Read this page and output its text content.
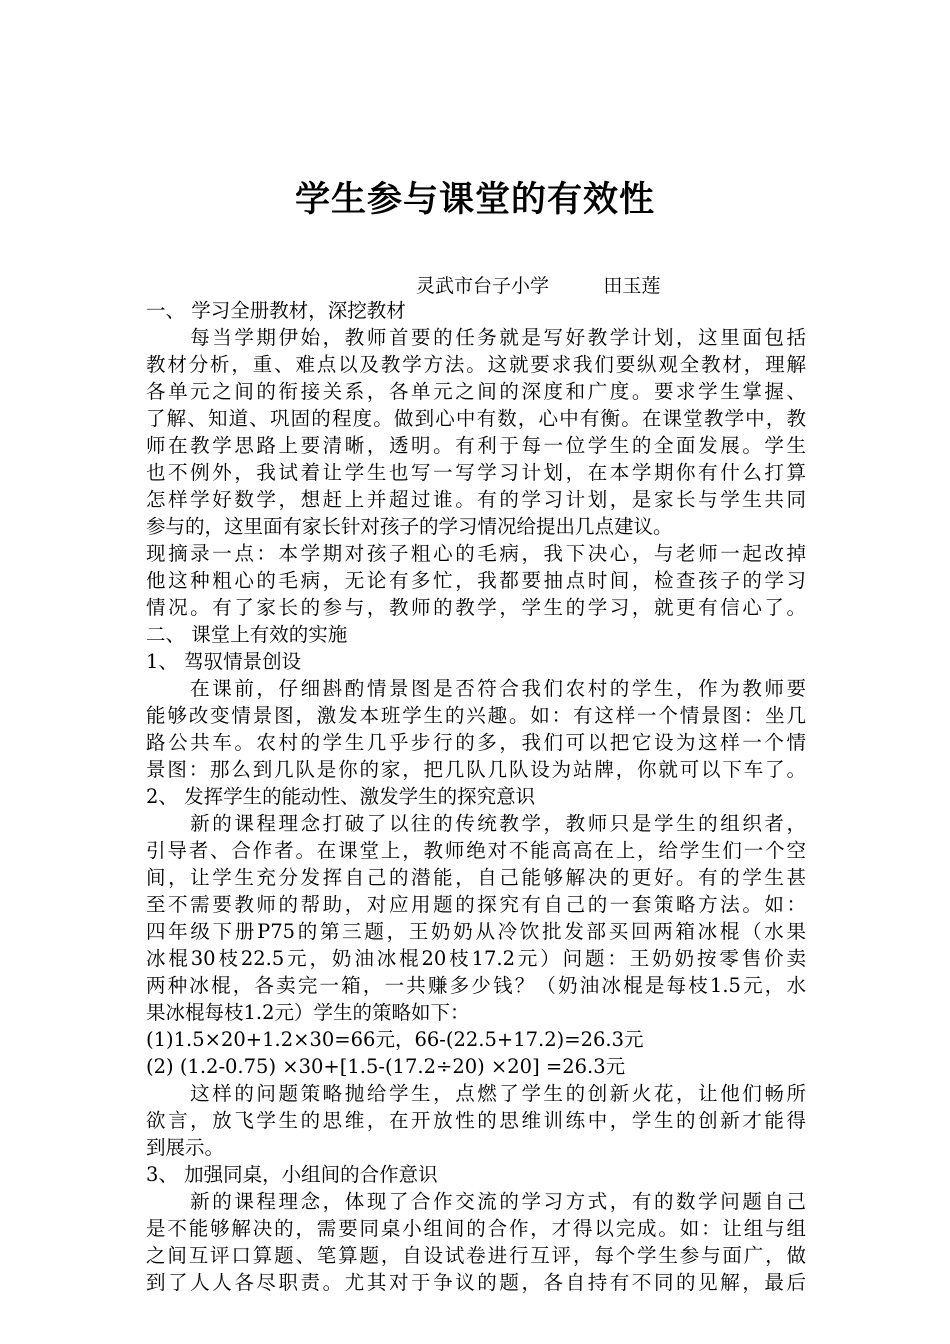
学生参与课堂的有效性
灵武市台子小学	田玉莲
一、 学习全册教材，深挖教材
　　每当学期伊始，教师首要的任务就是写好教学计划，这里面包括
教材分析，重、难点以及教学方法。这就要求我们要纵观全教材，理解
各单元之间的衔接关系，各单元之间的深度和广度。要求学生掌握、
了解、知道、巩固的程度。做到心中有数，心中有衡。在课堂教学中，教
师在教学思路上要清晰，透明。有利于每一位学生的全面发展。学生
也不例外，我试着让学生也写一写学习计划，在本学期你有什么打算
怎样学好数学，想赶上并超过谁。有的学习计划，是家长与学生共同
参与的，这里面有家长针对孩子的学习情况给提出几点建议。
现摘录一点：本学期对孩子粗心的毛病，我下决心，与老师一起改掉
他这种粗心的毛病，无论有多忙，我都要抽点时间，检查孩子的学习
情况。有了家长的参与，教师的教学，学生的学习，就更有信心了。
二、 课堂上有效的实施
1、 驾驭情景创设
　　在课前，仔细斟酌情景图是否符合我们农村的学生，作为教师要
能够改变情景图，激发本班学生的兴趣。如：有这样一个情景图：坐几
路公共车。农村的学生几乎步行的多，我们可以把它设为这样一个情
景图：那么到几队是你的家，把几队几队设为站牌，你就可以下车了。
2、 发挥学生的能动性、激发学生的探究意识
　　新的课程理念打破了以往的传统教学，教师只是学生的组织者，
引导者、合作者。在课堂上，教师绝对不能高高在上，给学生们一个空
间，让学生充分发挥自己的潜能，自己能够解决的更好。有的学生甚
至不需要教师的帮助，对应用题的探究有自己的一套策略方法。如：
四年级下册P75的第三题，王奶奶从冷饮批发部买回两箱冰棍（水果
冰棍30枝22.5元，奶油冰棍20枝17.2元）问题：王奶奶按零售价卖
两种冰棍，各卖完一箱，一共赚多少钱？（奶油冰棍是每枝1.5元，水
果冰棍每枝1.2元）学生的策略如下：
(1)1.5×20+1.2×30=66元，66-(22.5+17.2)=26.3元
(2) (1.2-0.75) ×30+[1.5-(17.2÷20) ×20] =26.3元
　　这样的问题策略抛给学生，点燃了学生的创新火花，让他们畅所
欲言，放飞学生的思维，在开放性的思维训练中，学生的创新才能得
到展示。
3、 加强同桌，小组间的合作意识
　　新的课程理念，体现了合作交流的学习方式，有的数学问题自己
是不能够解决的，需要同桌小组间的合作，才得以完成。如：让组与组
之间互评口算题、笔算题，自设试卷进行互评，每个学生参与面广，做
到了人人各尽职责。尤其对于争议的题，各自持有不同的见解，最后
